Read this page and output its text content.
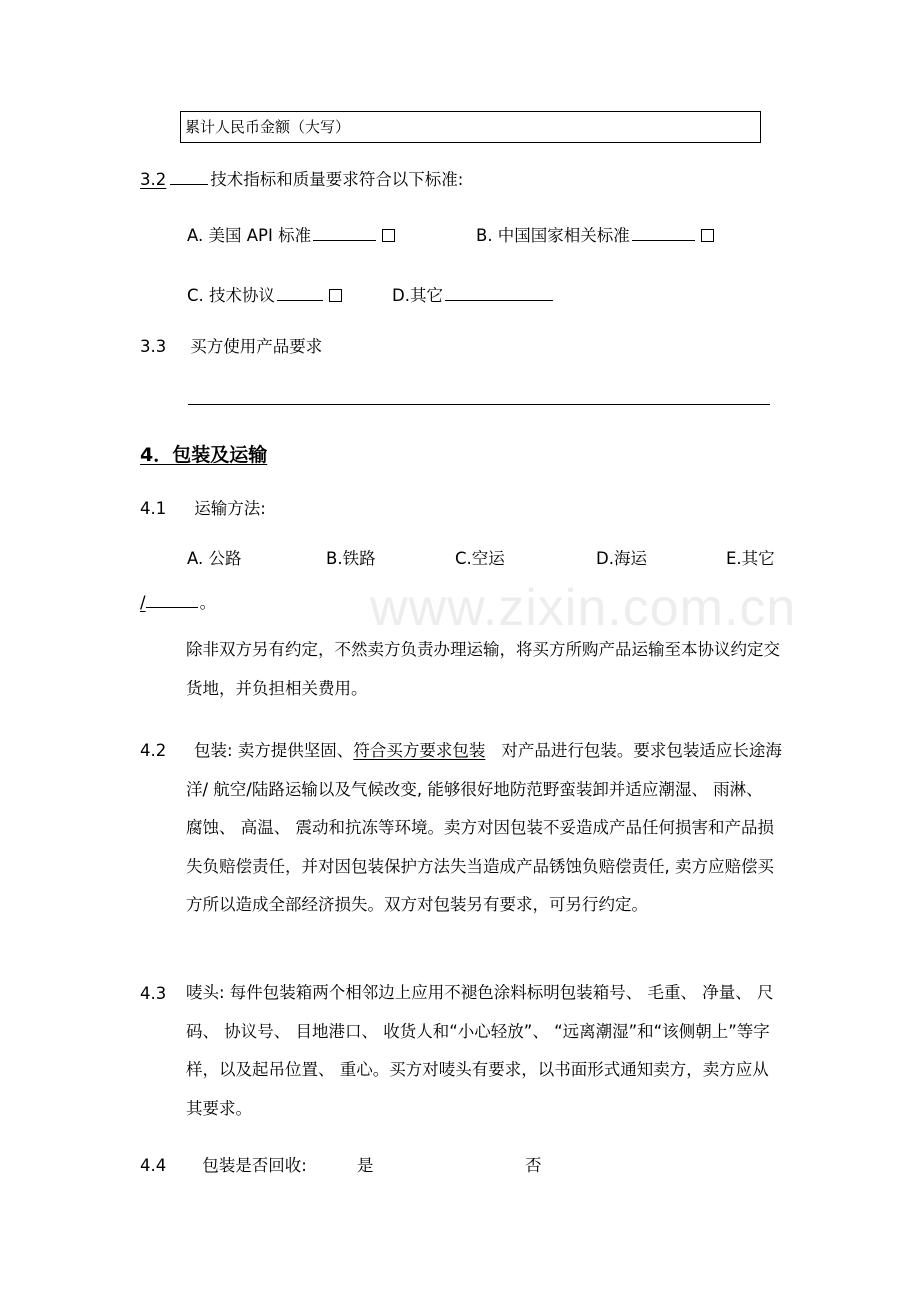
www.zixin.com.cn
累计人民币金额（大写）
3.2	技术指标和质量要求符合以下标准:
A. 美国 API 标准	B. 中国国家相关标准
C. 技术协议	D.其它
3.3 买方使用产品要求
4．包装及运输
4.1 运输方法:
A. 公路	B.铁路	C.空运	D.海运	E.其它
/	。
除非双方另有约定，不然卖方负责办理运输，将买方所购产品运输至本协议约定交货地，并负担相关费用。
4.2	包装: 卖方提供坚固、符合买方要求包装 对产品进行包装。要求包装适应长途海洋/ 航空/陆路运输以及气候改变, 能够很好地防范野蛮装卸并适应潮湿、 雨淋、 腐蚀、 高温、 震动和抗冻等环境。卖方对因包装不妥造成产品任何损害和产品损失负赔偿责任，并对因包装保护方法失当造成产品锈蚀负赔偿责任, 卖方应赔偿买方所以造成全部经济损失。双方对包装另有要求，可另行约定。
4.3 唛头: 每件包装箱两个相邻边上应用不褪色涂料标明包装箱号、 毛重、 净量、 尺码、 协议号、 目地港口、 收货人和“小心轻放”、 “远离潮湿”和“该侧朝上”等字样，以及起吊位置、 重心。买方对唛头有要求，以书面形式通知卖方，卖方应从其要求。
4.4 包装是否回收:	是	否
